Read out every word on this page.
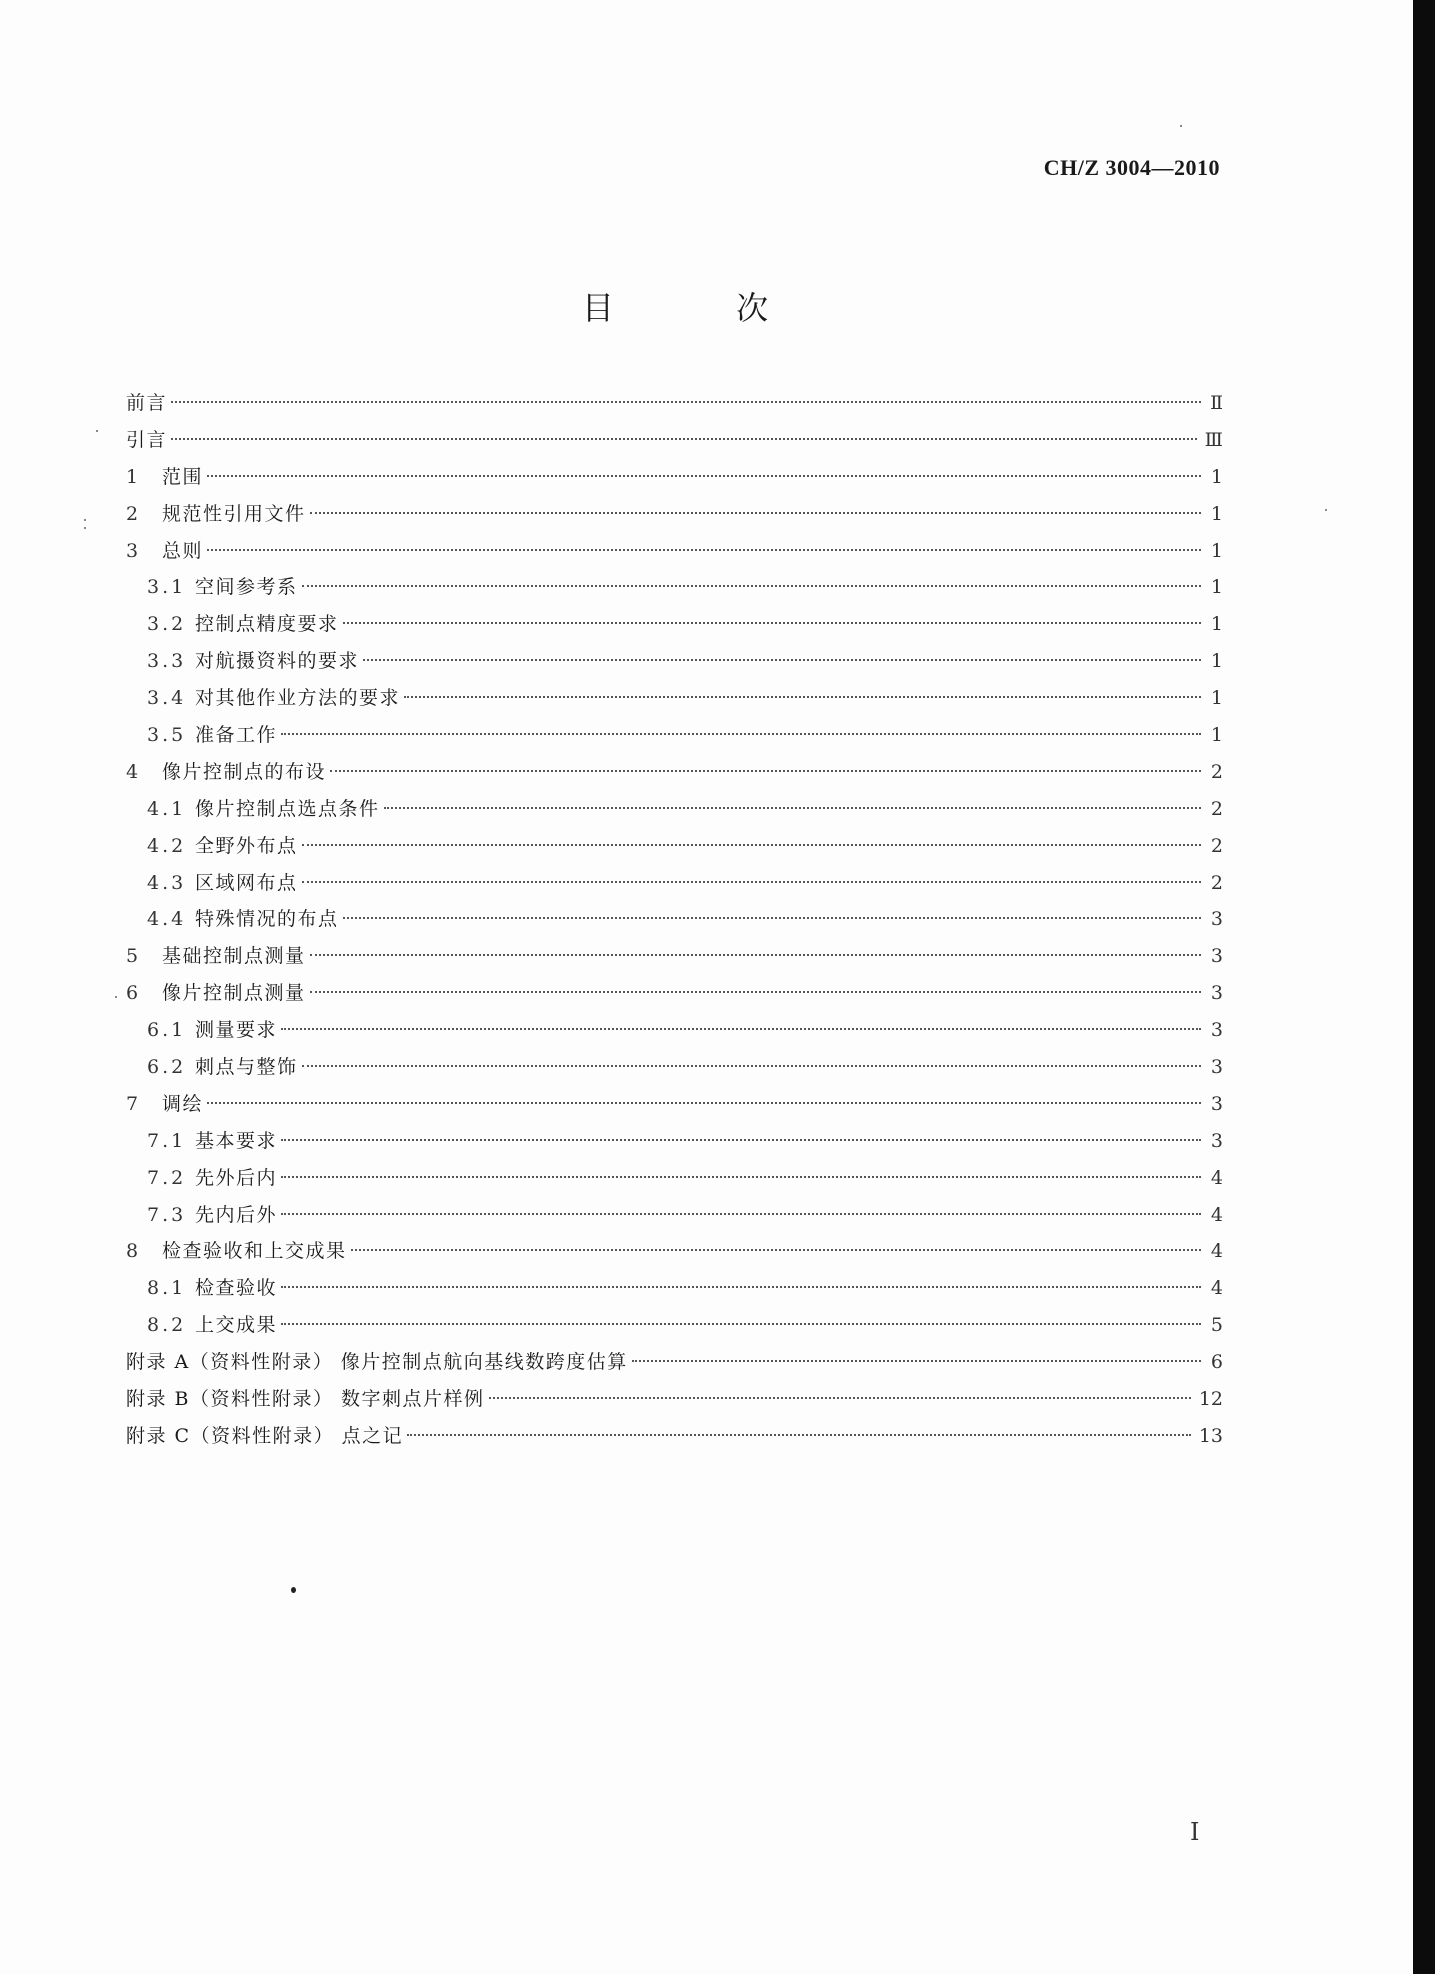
CH/Z 3004—2010
目 次
前言	Ⅱ
引言	Ⅲ
1	范围	1
2	规范性引用文件	1
3	总则	1
3.1 空间参考系	1
3.2 控制点精度要求	1
3.3 对航摄资料的要求	1
3.4 对其他作业方法的要求	1
3.5 准备工作	1
4	像片控制点的布设	2
4.1 像片控制点选点条件	2
4.2 全野外布点	2
4.3 区域网布点	2
4.4 特殊情况的布点	3
5	基础控制点测量	3
6	像片控制点测量	3
6.1 测量要求	3
6.2 刺点与整饰	3
7	调绘	3
7.1 基本要求	3
7.2 先外后内	4
7.3 先内后外	4
8	检查验收和上交成果	4
8.1 检查验收	4
8.2 上交成果	5
附录 A（资料性附录） 像片控制点航向基线数跨度估算	6
附录 B（资料性附录） 数字刺点片样例	12
附录 C（资料性附录） 点之记	13
Ⅰ
